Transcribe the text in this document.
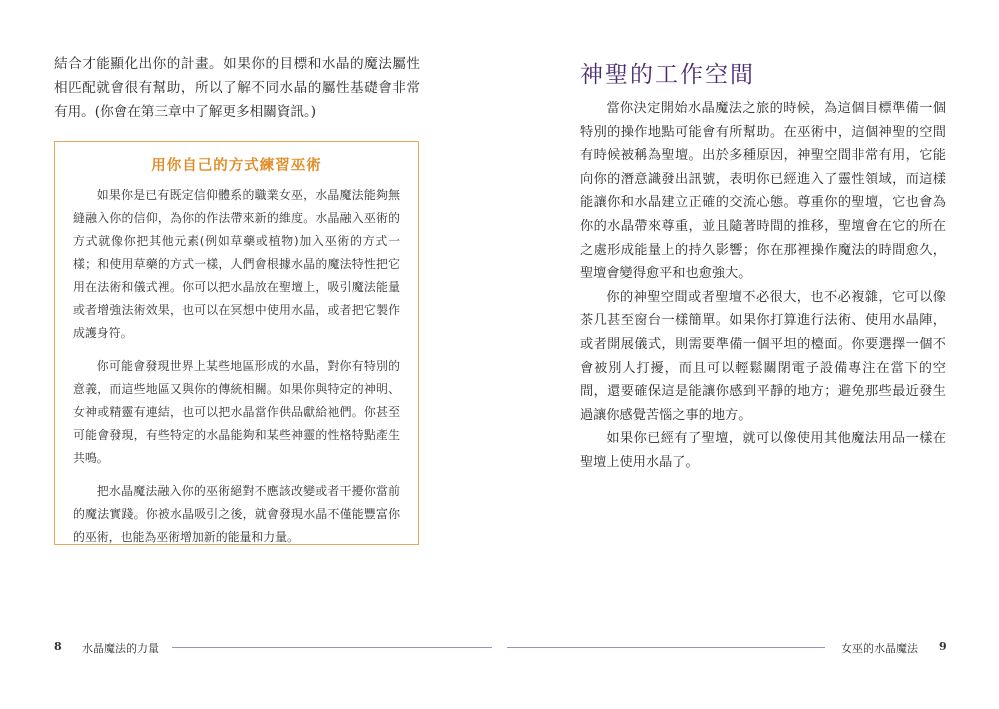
結合才能顯化出你的計畫。如果你的目標和水晶的魔法屬性相匹配就會很有幫助，所以了解不同水晶的屬性基礎會非常有用。(你會在第三章中了解更多相關資訊。)

用你自己的方式練習巫術

如果你是已有既定信仰體系的職業女巫，水晶魔法能夠無縫融入你的信仰，為你的作法帶來新的維度。水晶融入巫術的方式就像你把其他元素(例如草藥或植物)加入巫術的方式一樣；和使用草藥的方式一樣，人們會根據水晶的魔法特性把它用在法術和儀式裡。你可以把水晶放在聖壇上，吸引魔法能量或者增強法術效果，也可以在冥想中使用水晶，或者把它製作成護身符。

你可能會發現世界上某些地區形成的水晶，對你有特別的意義，而這些地區又與你的傳統相關。如果你與特定的神明、女神或精靈有連結，也可以把水晶當作供品獻給祂們。你甚至可能會發現，有些特定的水晶能夠和某些神靈的性格特點產生共鳴。

把水晶魔法融入你的巫術絕對不應該改變或者干擾你當前的魔法實踐。你被水晶吸引之後，就會發現水晶不僅能豐富你的巫術，也能為巫術增加新的能量和力量。

8 水晶魔法的力量
神聖的工作空間

當你決定開始水晶魔法之旅的時候，為這個目標準備一個特別的操作地點可能會有所幫助。在巫術中，這個神聖的空間有時候被稱為聖壇。出於多種原因，神聖空間非常有用，它能向你的潛意識發出訊號，表明你已經進入了靈性領域，而這樣能讓你和水晶建立正確的交流心態。尊重你的聖壇，它也會為你的水晶帶來尊重，並且隨著時間的推移，聖壇會在它的所在之處形成能量上的持久影響；你在那裡操作魔法的時間愈久，聖壇會變得愈平和也愈強大。

你的神聖空間或者聖壇不必很大，也不必複雜，它可以像茶几甚至窗台一樣簡單。如果你打算進行法術、使用水晶陣，或者開展儀式，則需要準備一個平坦的檯面。你要選擇一個不會被別人打擾，而且可以輕鬆關閉電子設備專注在當下的空間，還要確保這是能讓你感到平靜的地方；避免那些最近發生過讓你感覺苦惱之事的地方。

如果你已經有了聖壇，就可以像使用其他魔法用品一樣在聖壇上使用水晶了。

女巫的水晶魔法 9
